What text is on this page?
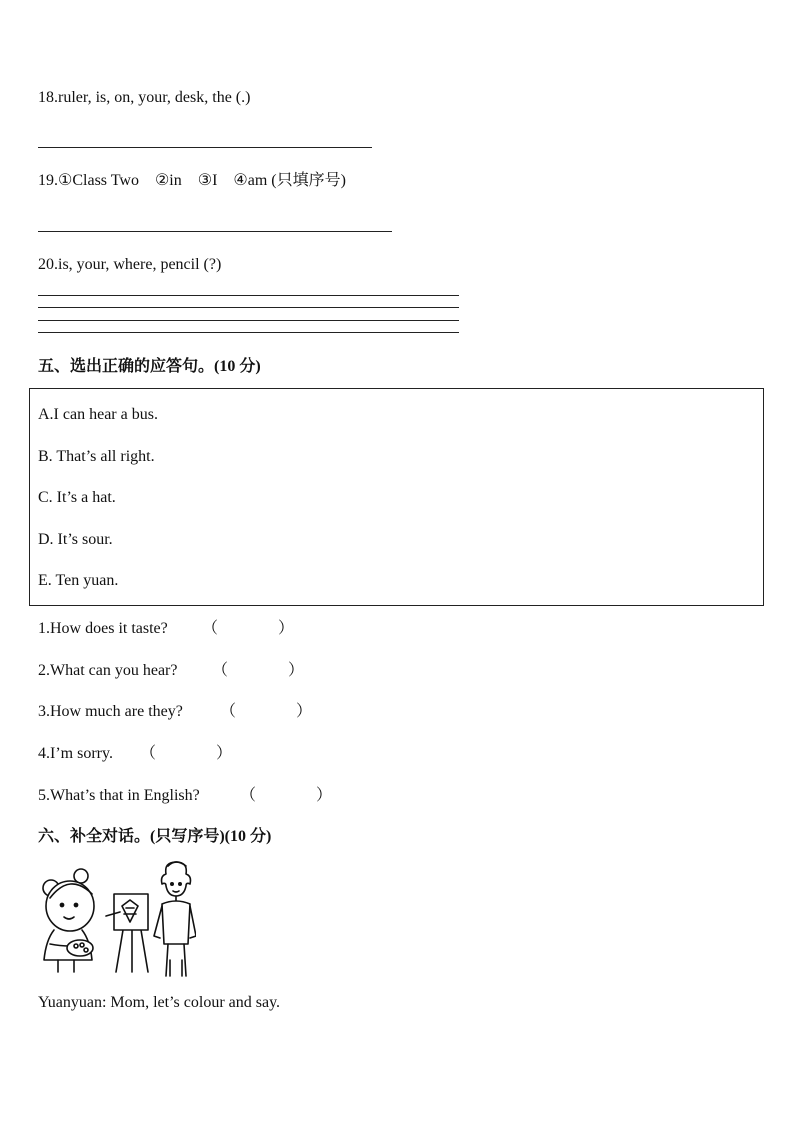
18.ruler, is, on, your, desk, the (.)
19.①Class Two    ②in    ③I    ④am (只填序号)
20.is, your, where, pencil (?)
五、选出正确的应答句。(10 分)
A.I can hear a bus.
B. That’s all right.
C. It’s a hat.
D. It’s sour.
E. Ten yuan.
1.How does it taste? （	）
2.What can you hear? （	）
3.How much are they? （	）
4.I’m sorry. （	）
5.What’s that in English?	（	）
六、补全对话。(只写序号)(10 分)
Yuanyuan: Mom, let’s colour and say.
